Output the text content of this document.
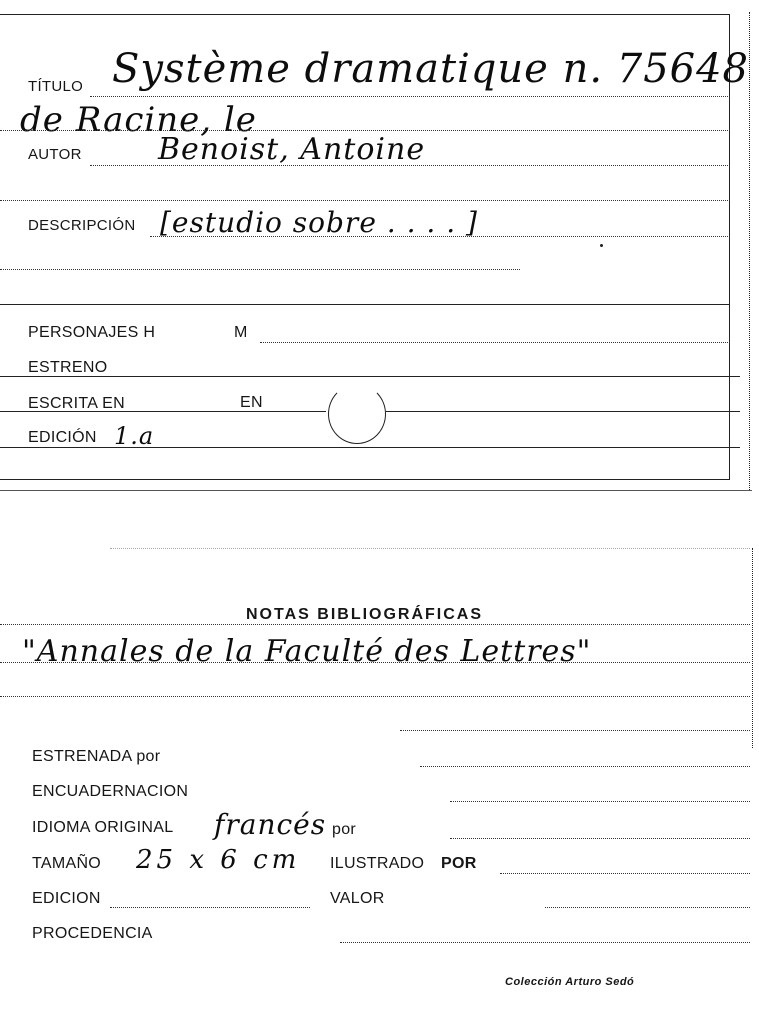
TÍTULO Système dramatique n. 75648
de Racine, le
AUTOR	Benoist, Antoine
DESCRIPCIÓN [estudio sobre . . . . ]
PERSONAJES H	M
ESTRENO
ESCRITA EN	EN
EDICIÓN 1.a
NOTAS BIBLIOGRÁFICAS
"Annales de la Faculté des Lettres"
ESTRENADA por
ENCUADERNACION
IDIOMA ORIGINAL francés por
TAMAÑO 25 x 6 cm ILUSTRADO POR
EDICION	VALOR
PROCEDENCIA
Colección Arturo Sedó
